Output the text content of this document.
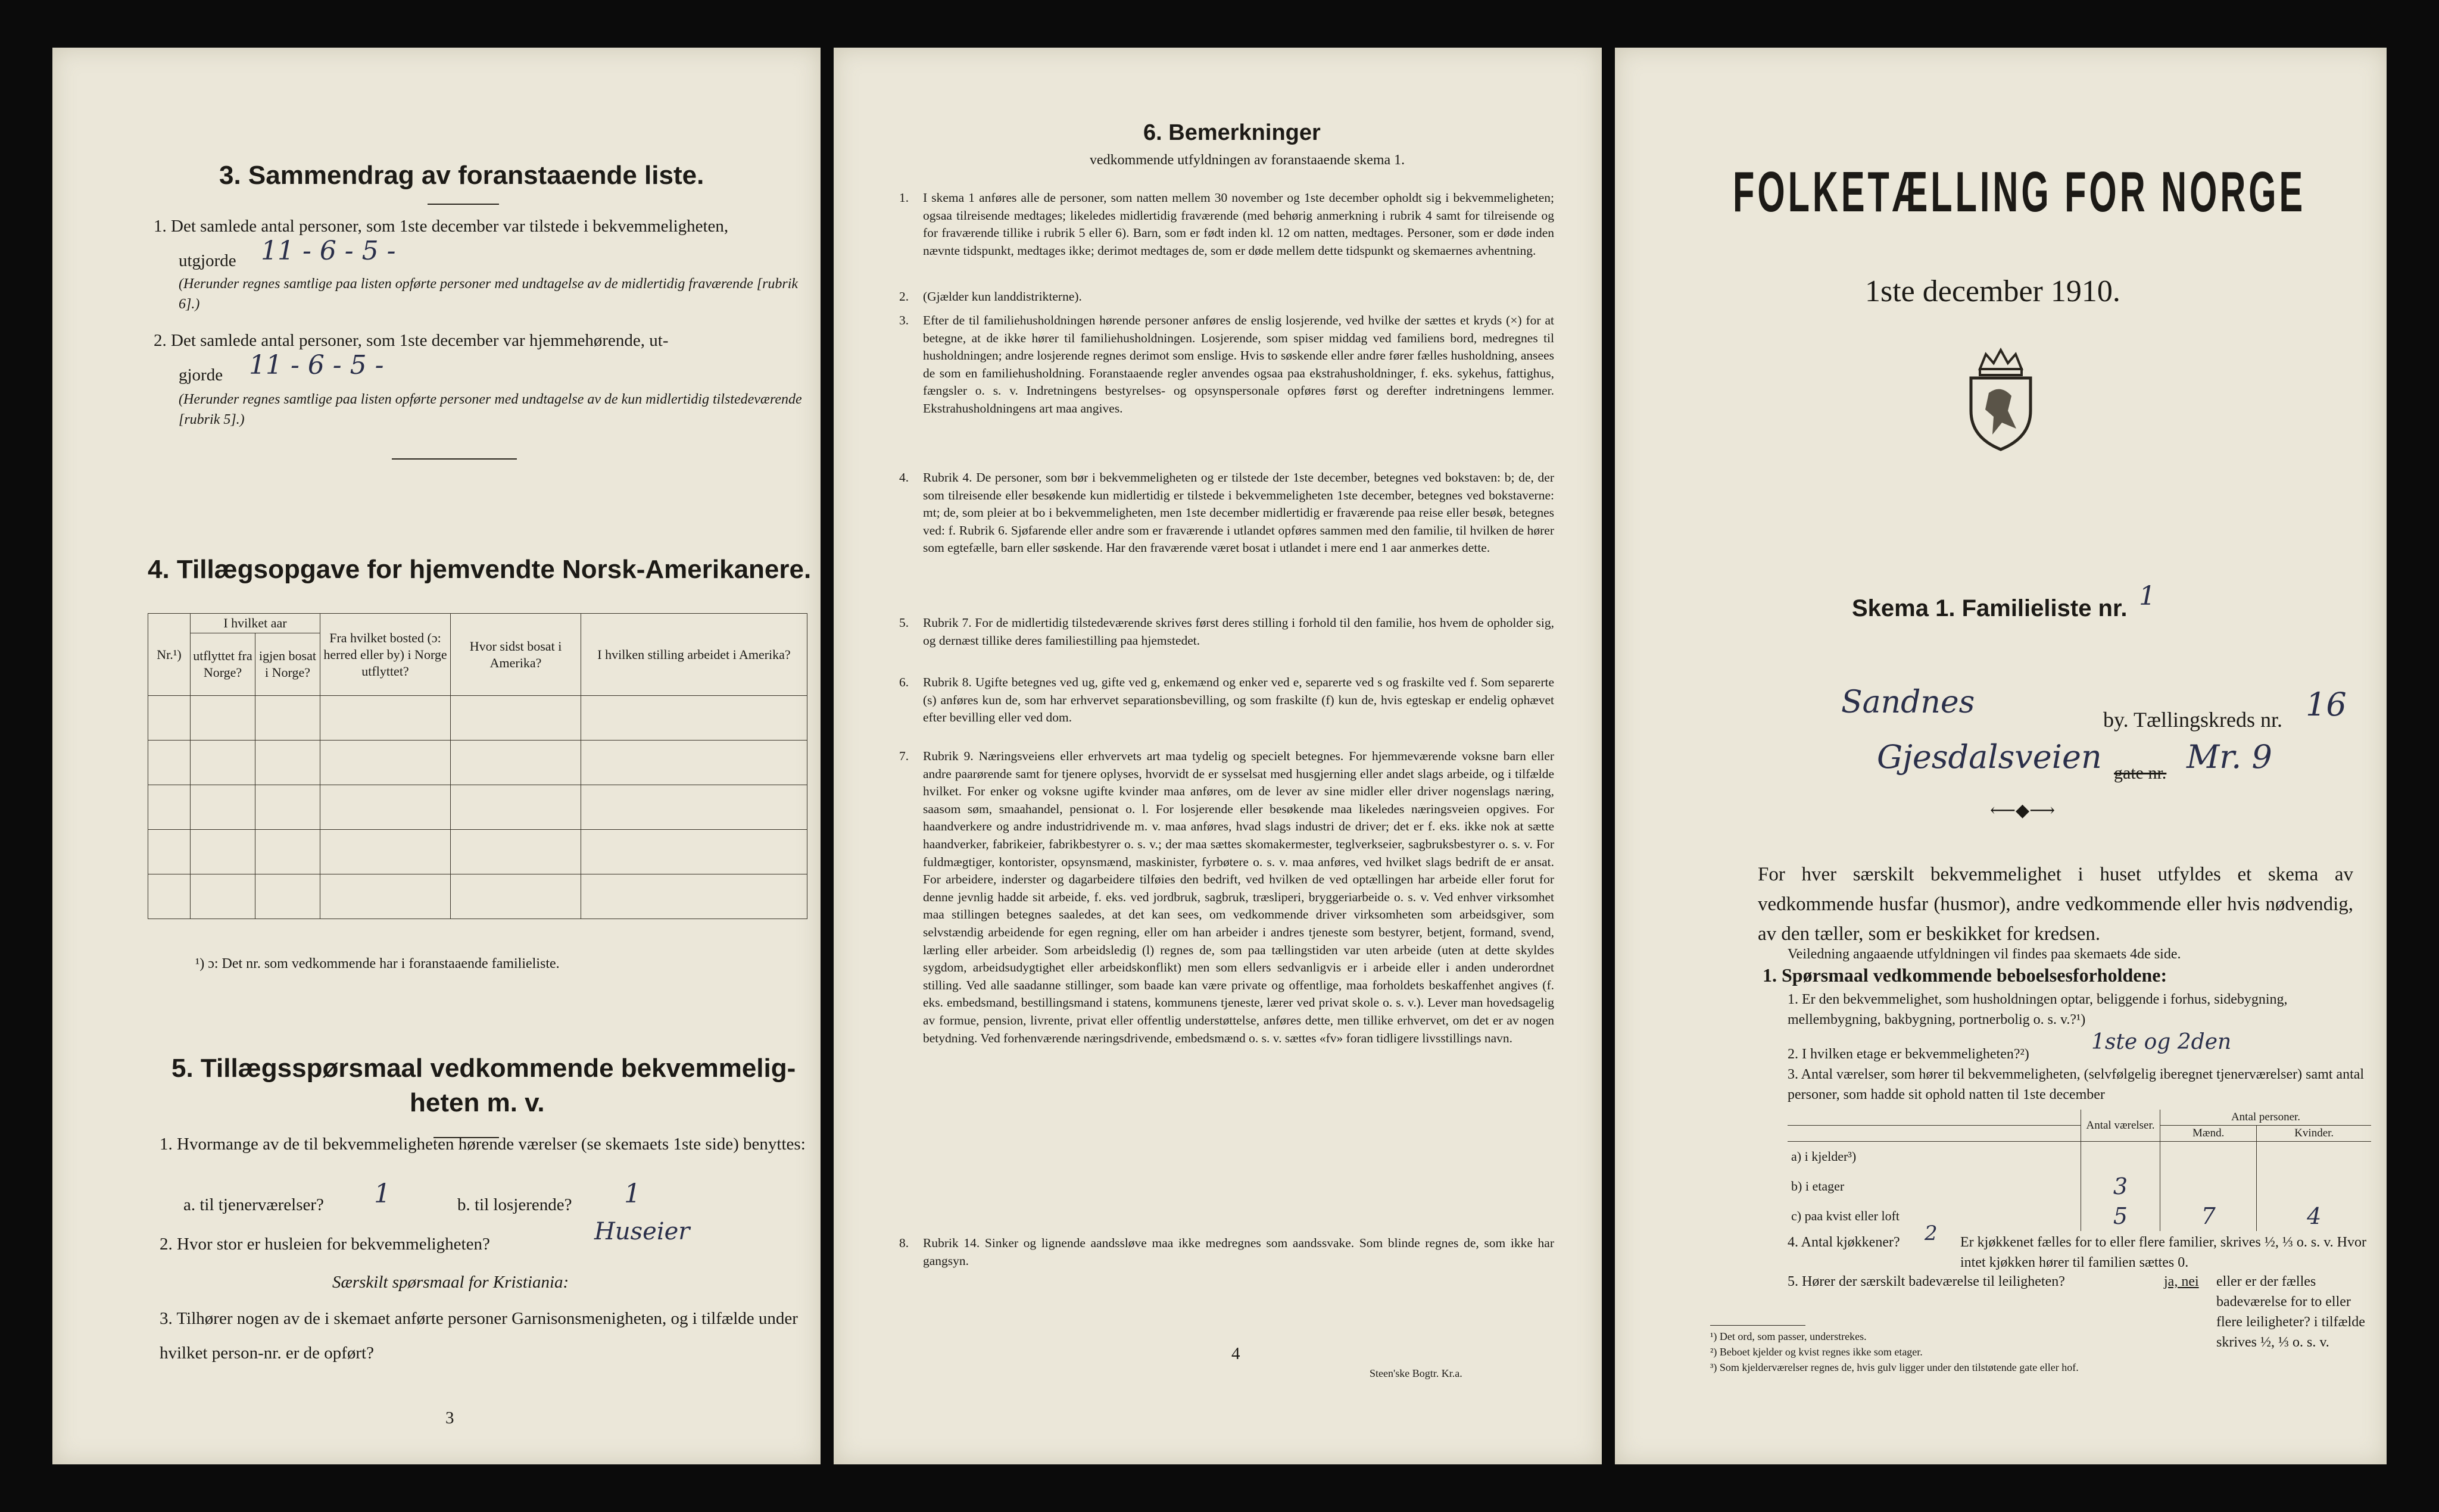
3. Sammendrag av foranstaaende liste.
1. Det samlede antal personer, som 1ste december var tilstede i bekvemmeligheten,
utgjorde 11 - 6 - 5 -
(Herunder regnes samtlige paa listen opførte personer med undtagelse av de midlertidig fraværende [rubrik 6].)
2. Det samlede antal personer, som 1ste december var hjemmehørende, ut-
gjorde 11 - 6 - 5 -
(Herunder regnes samtlige paa listen opførte personer med undtagelse av de kun midlertidig tilstedeværende [rubrik 5].)
4. Tillægsopgave for hjemvendte Norsk-Amerikanere.
Nr.¹)	I hvilket aar		Fra hvilket bosted (ɔ: herred eller by) i Norge utflyttet?	Hvor sidst bosat i Amerika?	I hvilken stilling arbeidet i Amerika?
	utflyttet fra Norge?	igjen bosat i Norge?			

¹) ɔ: Det nr. som vedkommende har i foranstaaende familieliste.
5. Tillægsspørsmaal vedkommende bekvemmelig-
heten m. v.
1. Hvormange av de til bekvemmeligheten hørende værelser (se skemaets 1ste side) benyttes:
a. til tjenerværelser? 1	b. til losjerende? 1
2. Hvor stor er husleien for bekvemmeligheten?	Huseier
Særskilt spørsmaal for Kristiania:
3. Tilhører nogen av de i skemaet anførte personer Garnisonsmenigheten, og i tilfælde under hvilket person-nr. er de opført?
3
6. Bemerkninger
vedkommende utfyldningen av foranstaaende skema 1.
1. I skema 1 anføres alle de personer, som natten mellem 30 november og 1ste december opholdt sig i bekvemmeligheten; ogsaa tilreisende medtages; likeledes midlertidig fraværende (med behørig anmerkning i rubrik 4 samt for tilreisende og for fraværende tillike i rubrik 5 eller 6). Barn, som er født inden kl. 12 om natten, medtages. Personer, som er døde inden nævnte tidspunkt, medtages ikke; derimot medtages de, som er døde mellem dette tidspunkt og skemaernes avhentning.
2. (Gjælder kun landdistrikterne).
3. Efter de til familiehusholdningen hørende personer anføres de enslig losjerende, ved hvilke der sættes et kryds (×) for at betegne, at de ikke hører til familiehusholdningen. Losjerende, som spiser middag ved familiens bord, medregnes til husholdningen; andre losjerende regnes derimot som enslige. Hvis to søskende eller andre fører fælles husholdning, ansees de som en familiehusholdning. Foranstaaende regler anvendes ogsaa paa ekstrahusholdninger, f. eks. sykehus, fattighus, fængsler o. s. v. Indretningens bestyrelses- og opsynspersonale opføres først og derefter indretningens lemmer. Ekstrahusholdningens art maa angives.
4. Rubrik 4. De personer, som bør i bekvemmeligheten og er tilstede der 1ste december, betegnes ved bokstaven: b; de, der som tilreisende eller besøkende kun midlertidig er tilstede i bekvemmeligheten 1ste december, betegnes ved bokstaverne: mt; de, som pleier at bo i bekvemmeligheten, men 1ste december midlertidig er fraværende paa reise eller besøk, betegnes ved: f. Rubrik 6. Sjøfarende eller andre som er fraværende i utlandet opføres sammen med den familie, til hvilken de hører som egtefælle, barn eller søskende. Har den fraværende været bosat i utlandet i mere end 1 aar anmerkes dette.
5. Rubrik 7. For de midlertidig tilstedeværende skrives først deres stilling i forhold til den familie, hos hvem de opholder sig, og dernæst tillike deres familiestilling paa hjemstedet.
6. Rubrik 8. Ugifte betegnes ved ug, gifte ved g, enkemænd og enker ved e, separerte ved s og fraskilte ved f. Som separerte (s) anføres kun de, som har erhvervet separationsbevilling, og som fraskilte (f) kun de, hvis egteskap er endelig ophævet efter bevilling eller ved dom.
7. Rubrik 9. Næringsveiens eller erhvervets art maa tydelig og specielt betegnes. For hjemmeværende voksne barn eller andre paarørende samt for tjenere oplyses, hvorvidt de er sysselsat med husgjerning eller andet slags arbeide, og i tilfælde hvilket. For enker og voksne ugifte kvinder maa anføres, om de lever av sine midler eller driver nogenslags næring, saasom søm, smaahandel, pensionat o. l. For losjerende eller besøkende maa likeledes næringsveien opgives. For haandverkere og andre industridrivende m. v. maa anføres, hvad slags industri de driver; det er f. eks. ikke nok at sætte haandverker, fabrikeier, fabrikbestyrer o. s. v.; der maa sættes skomakermester, teglverkseier, sagbruksbestyrer o. s. v. For fuldmægtiger, kontorister, opsynsmænd, maskinister, fyrbøtere o. s. v. maa anføres, ved hvilket slags bedrift de er ansat. For arbeidere, inderster og dagarbeidere tilføies den bedrift, ved hvilken de ved optællingen har arbeide eller forut for denne jevnlig hadde sit arbeide, f. eks. ved jordbruk, sagbruk, træsliperi, bryggeriarbeide o. s. v. Ved enhver virksomhet maa stillingen betegnes saaledes, at det kan sees, om vedkommende driver virksomheten som arbeidsgiver, som selvstændig arbeidende for egen regning, eller om han arbeider i andres tjeneste som bestyrer, betjent, formand, svend, lærling eller arbeider. Som arbeidsledig (l) regnes de, som paa tællingstiden var uten arbeide (uten at dette skyldes sygdom, arbeidsudygtighet eller arbeidskonflikt) men som ellers sedvanligvis er i arbeide eller i anden underordnet stilling. Ved alle saadanne stillinger, som baade kan være private og offentlige, maa forholdets beskaffenhet angives (f. eks. embedsmand, bestillingsmand i statens, kommunens tjeneste, lærer ved privat skole o. s. v.). Lever man hovedsagelig av formue, pension, livrente, privat eller offentlig understøttelse, anføres dette, men tillike erhvervet, om det er av nogen betydning. Ved forhenværende næringsdrivende, embedsmænd o. s. v. sættes «fv» foran tidligere livsstillings navn.
8. Rubrik 14. Sinker og lignende aandssløve maa ikke medregnes som aandssvake. Som blinde regnes de, som ikke har gangsyn.
4
Steen'ske Bogtr. Kr.a.
FOLKETÆLLING FOR NORGE
1ste december 1910.
Skema 1. Familieliste nr. 1
Sandnes	by. Tællingskreds nr. 16
Gjesdalsveien gate nr. Mr. 9
⟵◆⟶
For hver særskilt bekvemmelighet i huset utfyldes et skema av vedkommende husfar (husmor), andre vedkommende eller hvis nødvendig, av den tæller, som er beskikket for kredsen.
Veiledning angaaende utfyldningen vil findes paa skemaets 4de side.
1. Spørsmaal vedkommende beboelsesforholdene:
1. Er den bekvemmelighet, som husholdningen optar, beliggende i forhus, sidebygning, mellembygning, bakbygning, portnerbolig o. s. v.?¹)
2. I hvilken etage er bekvemmeligheten?²)	1ste og 2den
3. Antal værelser, som hører til bekvemmeligheten, (selvfølgelig iberegnet tjenerværelser) samt antal personer, som hadde sit ophold natten til 1ste december
	Antal værelser.	Antal personer.	
		Mænd.	Kvinder.
a) i kjelder³)			
b) i etager	3		
c) paa kvist eller loft	5	7	4
4. Antal kjøkkener? 2 Er kjøkkenet fælles for to eller flere familier, skrives ½, ⅓ o. s. v. Hvor intet kjøkken hører til familien sættes 0.
5. Hører der særskilt badeværelse til leiligheten?	ja, nei eller er der fælles badeværelse for to eller flere leiligheter? i tilfælde skrives ½, ⅓ o. s. v.
¹) Det ord, som passer, understrekes.
²) Beboet kjelder og kvist regnes ikke som etager.
³) Som kjelderværelser regnes de, hvis gulv ligger under den tilstøtende gate eller hof.
